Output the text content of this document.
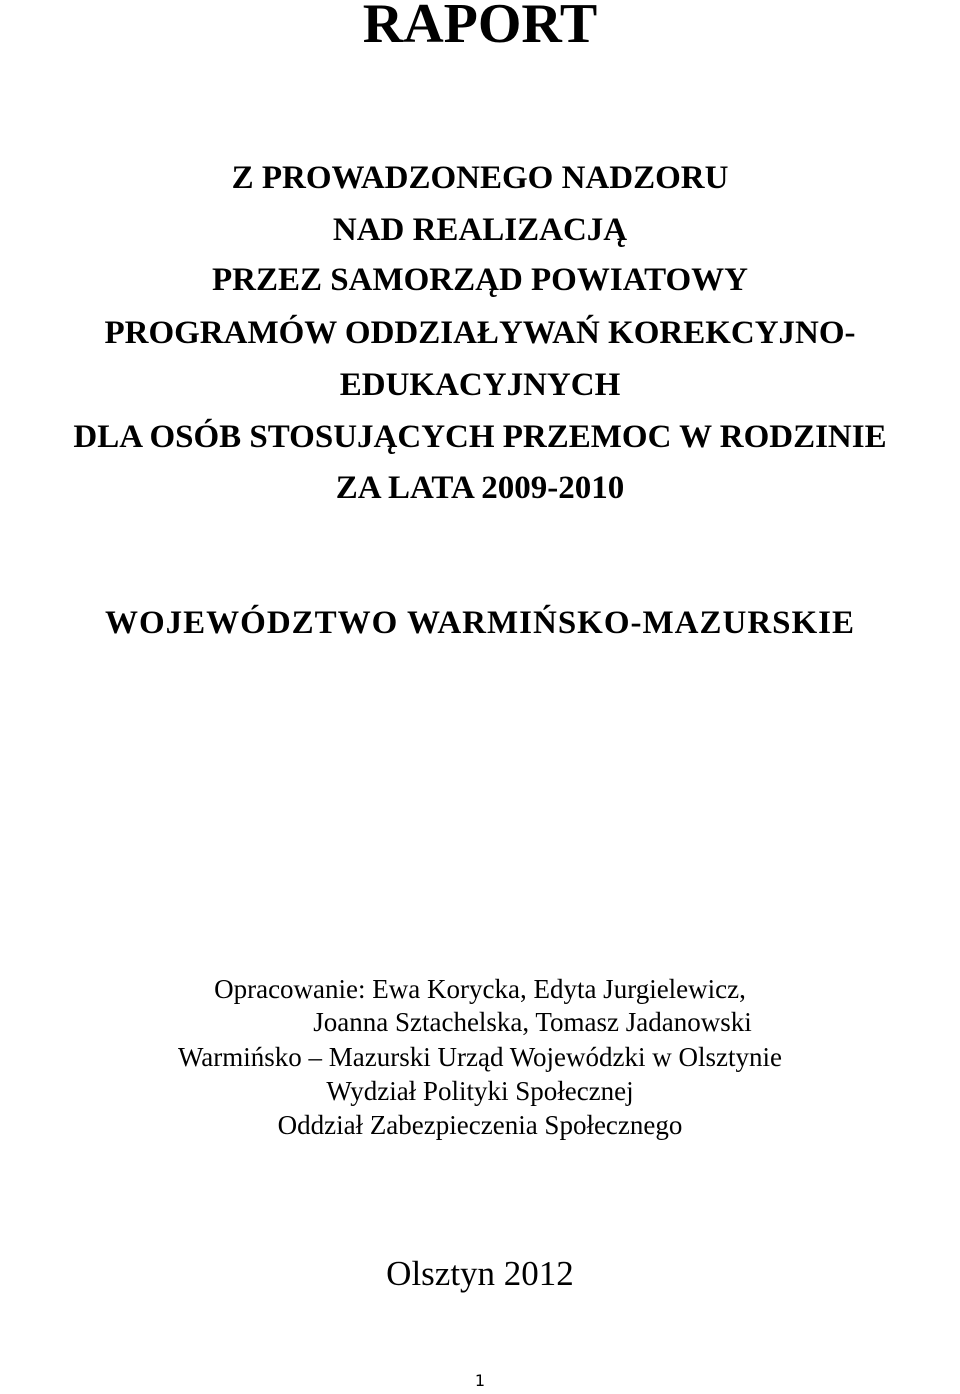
RAPORT
Z PROWADZONEGO NADZORU
NAD REALIZACJĄ
PRZEZ SAMORZĄD POWIATOWY
PROGRAMÓW ODDZIAŁYWAŃ KOREKCYJNO-
EDUKACYJNYCH
DLA OSÓB STOSUJĄCYCH PRZEMOC W RODZINIE
ZA LATA 2009-2010
WOJEWÓDZTWO WARMIŃSKO-MAZURSKIE
Opracowanie: Ewa Korycka, Edyta Jurgielewicz,
Joanna Sztachelska, Tomasz Jadanowski
Warmińsko – Mazurski Urząd Wojewódzki w Olsztynie
Wydział Polityki Społecznej
Oddział Zabezpieczenia Społecznego
Olsztyn 2012
1
